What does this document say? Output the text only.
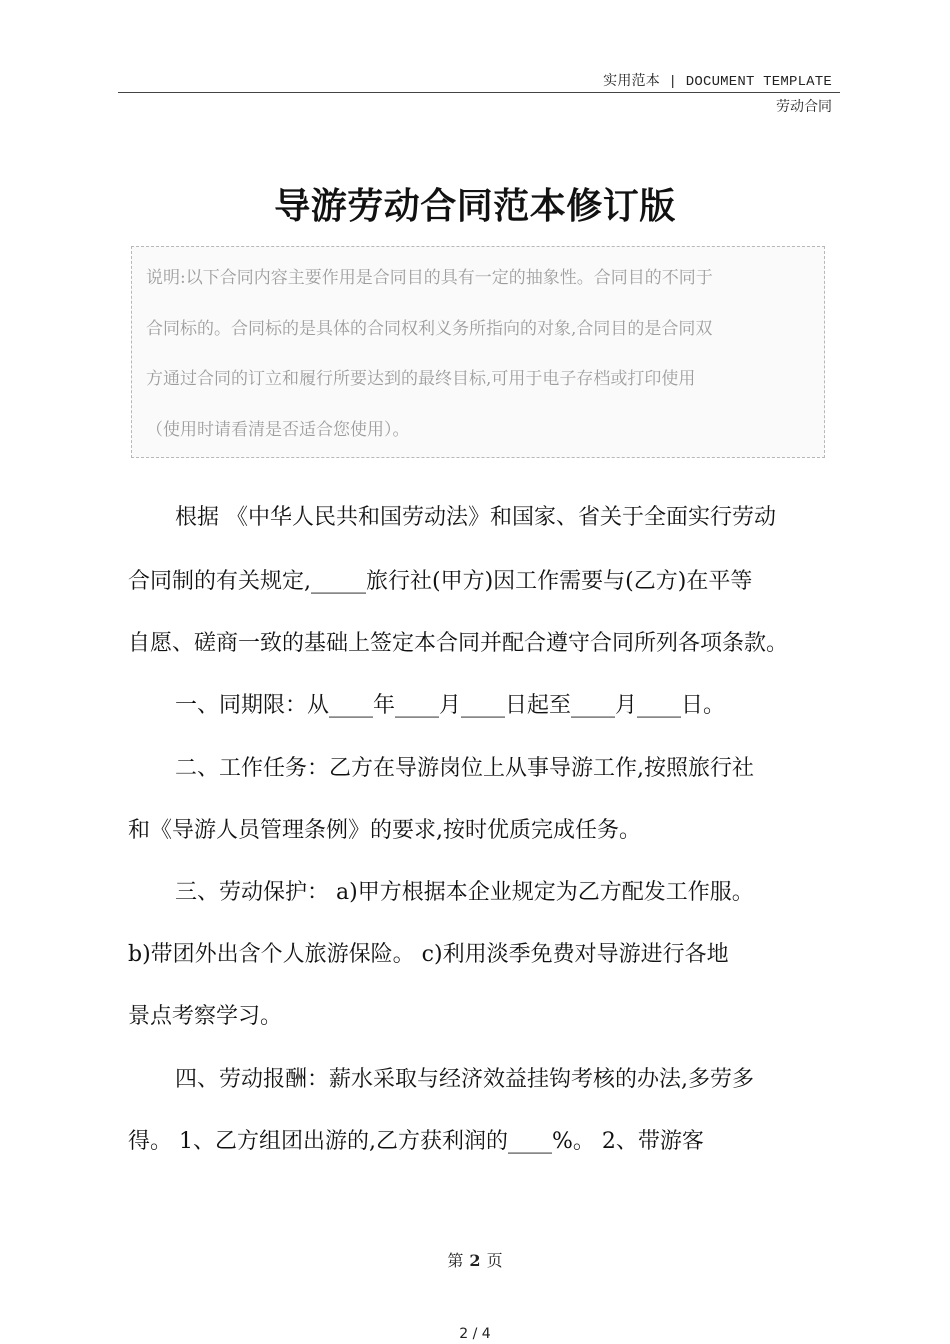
实用范本 | DOCUMENT TEMPLATE
劳动合同
导游劳动合同范本修订版
说明:以下合同内容主要作用是合同目的具有一定的抽象性。合同目的不同于
合同标的。合同标的是具体的合同权利义务所指向的对象,合同目的是合同双
方通过合同的订立和履行所要达到的最终目标,可用于电子存档或打印使用
（使用时请看清是否适合您使用）。
根据 《中华人民共和国劳动法》和国家、省关于全面实行劳动
合同制的有关规定,_____旅行社(甲方)因工作需要与(乙方)在平等
自愿、磋商一致的基础上签定本合同并配合遵守合同所列各项条款。
一、同期限：从____年____月____日起至____月____日。
二、工作任务：乙方在导游岗位上从事导游工作,按照旅行社
和《导游人员管理条例》的要求,按时优质完成任务。
三、劳动保护： a)甲方根据本企业规定为乙方配发工作服。
b)带团外出含个人旅游保险。 c)利用淡季免费对导游进行各地
景点考察学习。
四、劳动报酬：薪水采取与经济效益挂钩考核的办法,多劳多
得。 1、乙方组团出游的,乙方获利润的____%。 2、带游客
第 2 页
2 / 4
